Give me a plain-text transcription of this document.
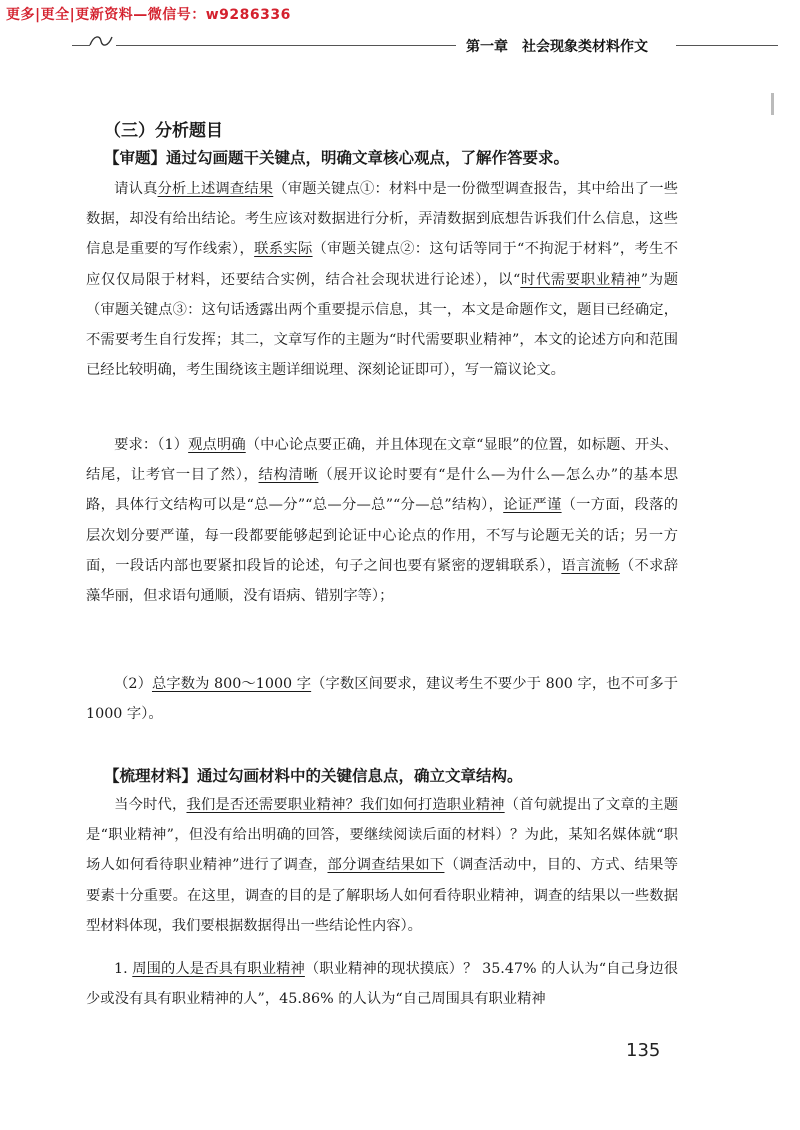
更多|更全|更新资料—微信号：w9286336
第一章　社会现象类材料作文
（三）分析题目
【审题】通过勾画题干关键点，明确文章核心观点，了解作答要求。
请认真分析上述调查结果（审题关键点①：材料中是一份微型调查报告，其中给出了一些数据，却没有给出结论。考生应该对数据进行分析，弄清数据到底想告诉我们什么信息，这些信息是重要的写作线索），联系实际（审题关键点②：这句话等同于“不拘泥于材料”，考生不应仅仅局限于材料，还要结合实例，结合社会现状进行论述），以“时代需要职业精神”为题（审题关键点③：这句话透露出两个重要提示信息，其一，本文是命题作文，题目已经确定，不需要考生自行发挥；其二，文章写作的主题为“时代需要职业精神”，本文的论述方向和范围已经比较明确，考生围绕该主题详细说理、深刻论证即可），写一篇议论文。
要求：（1）观点明确（中心论点要正确，并且体现在文章“显眼”的位置，如标题、开头、结尾，让考官一目了然），结构清晰（展开议论时要有“是什么—为什么—怎么办”的基本思路，具体行文结构可以是“总—分”“总—分—总”“分—总”结构），论证严谨（一方面，段落的层次划分要严谨，每一段都要能够起到论证中心论点的作用，不写与论题无关的话；另一方面，一段话内部也要紧扣段旨的论述，句子之间也要有紧密的逻辑联系），语言流畅（不求辞藻华丽，但求语句通顺，没有语病、错别字等）；
（2）总字数为 800～1000 字（字数区间要求，建议考生不要少于 800 字，也不可多于 1000 字）。
【梳理材料】通过勾画材料中的关键信息点，确立文章结构。
当今时代，我们是否还需要职业精神？我们如何打造职业精神（首句就提出了文章的主题是“职业精神”，但没有给出明确的回答，要继续阅读后面的材料）？为此，某知名媒体就“职场人如何看待职业精神”进行了调查，部分调查结果如下（调查活动中，目的、方式、结果等要素十分重要。在这里，调查的目的是了解职场人如何看待职业精神，调查的结果以一些数据型材料体现，我们要根据数据得出一些结论性内容）。
1. 周围的人是否具有职业精神（职业精神的现状摸底）？ 35.47% 的人认为“自己身边很少或没有具有职业精神的人”，45.86% 的人认为“自己周围具有职业精神
135
